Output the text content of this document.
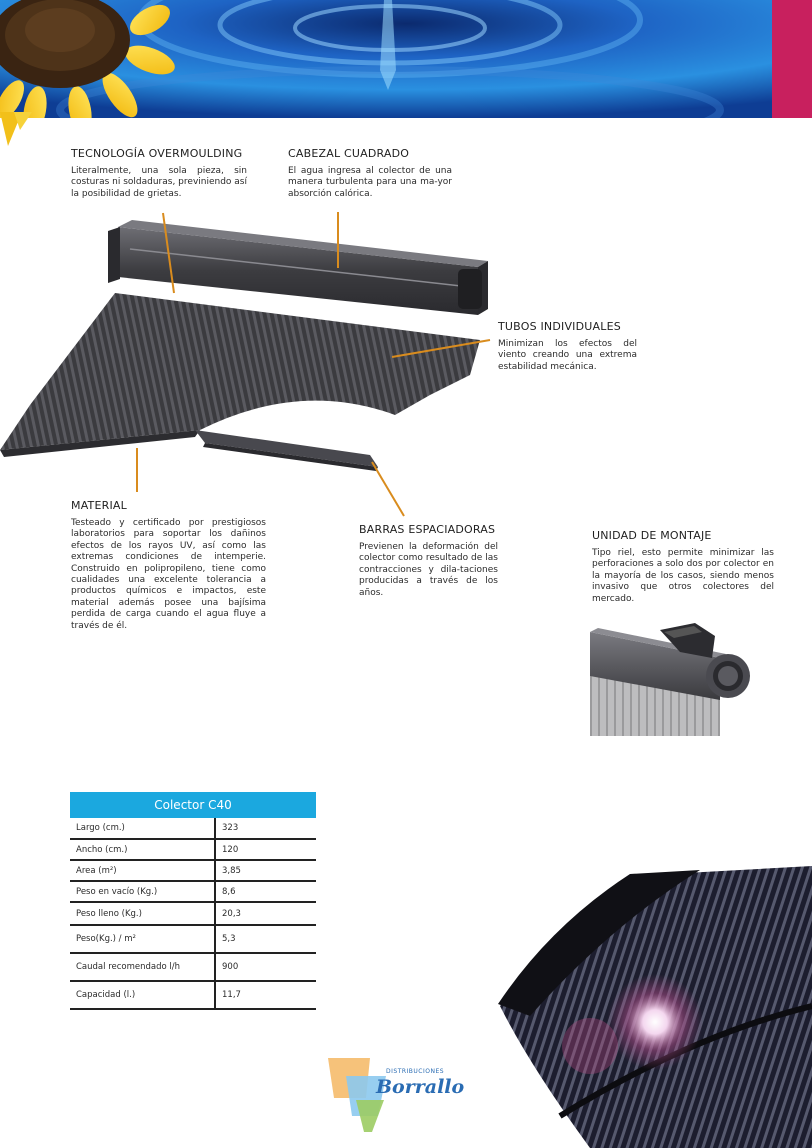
TECNOLOGÍA OVERMOULDING

Literalmente, una sola pieza, sin costuras ni soldaduras, previniendo así la posibilidad de grietas.

CABEZAL CUADRADO

El agua ingresa al colector de una manera turbulenta para una ma-yor absorción calórica.

TUBOS INDIVIDUALES

Minimizan los efectos del viento creando una extrema estabilidad mecánica.

MATERIAL

Testeado y certificado por prestigiosos laboratorios para soportar los dañinos efectos de los rayos UV, así como las extremas condiciones de intemperie. Construido en polipropileno, tiene como cualidades una excelente tolerancia a productos químicos e impactos, este material además posee una bajísima perdida de carga cuando el agua fluye a través de él.

BARRAS ESPACIADORAS

Previenen la deformación del colector como resultado de las contracciones y dila-taciones producidas a través de los años.

UNIDAD DE MONTAJE

Tipo riel, esto permite minimizar las perforaciones a solo dos por colector en la mayoría de los casos, siendo menos invasivo que otros colectores del mercado.

Colector C40
Largo (cm.)	323
Ancho (cm.)	120
Area (m²)	3,85
Peso en vacío (Kg.)	8,6
Peso lleno (Kg.)	20,3
Peso(Kg.) / m²	5,3
Caudal recomendado l/h	900
Capacidad (l.)	11,7
DISTRIBUCIONES
Borrallo
